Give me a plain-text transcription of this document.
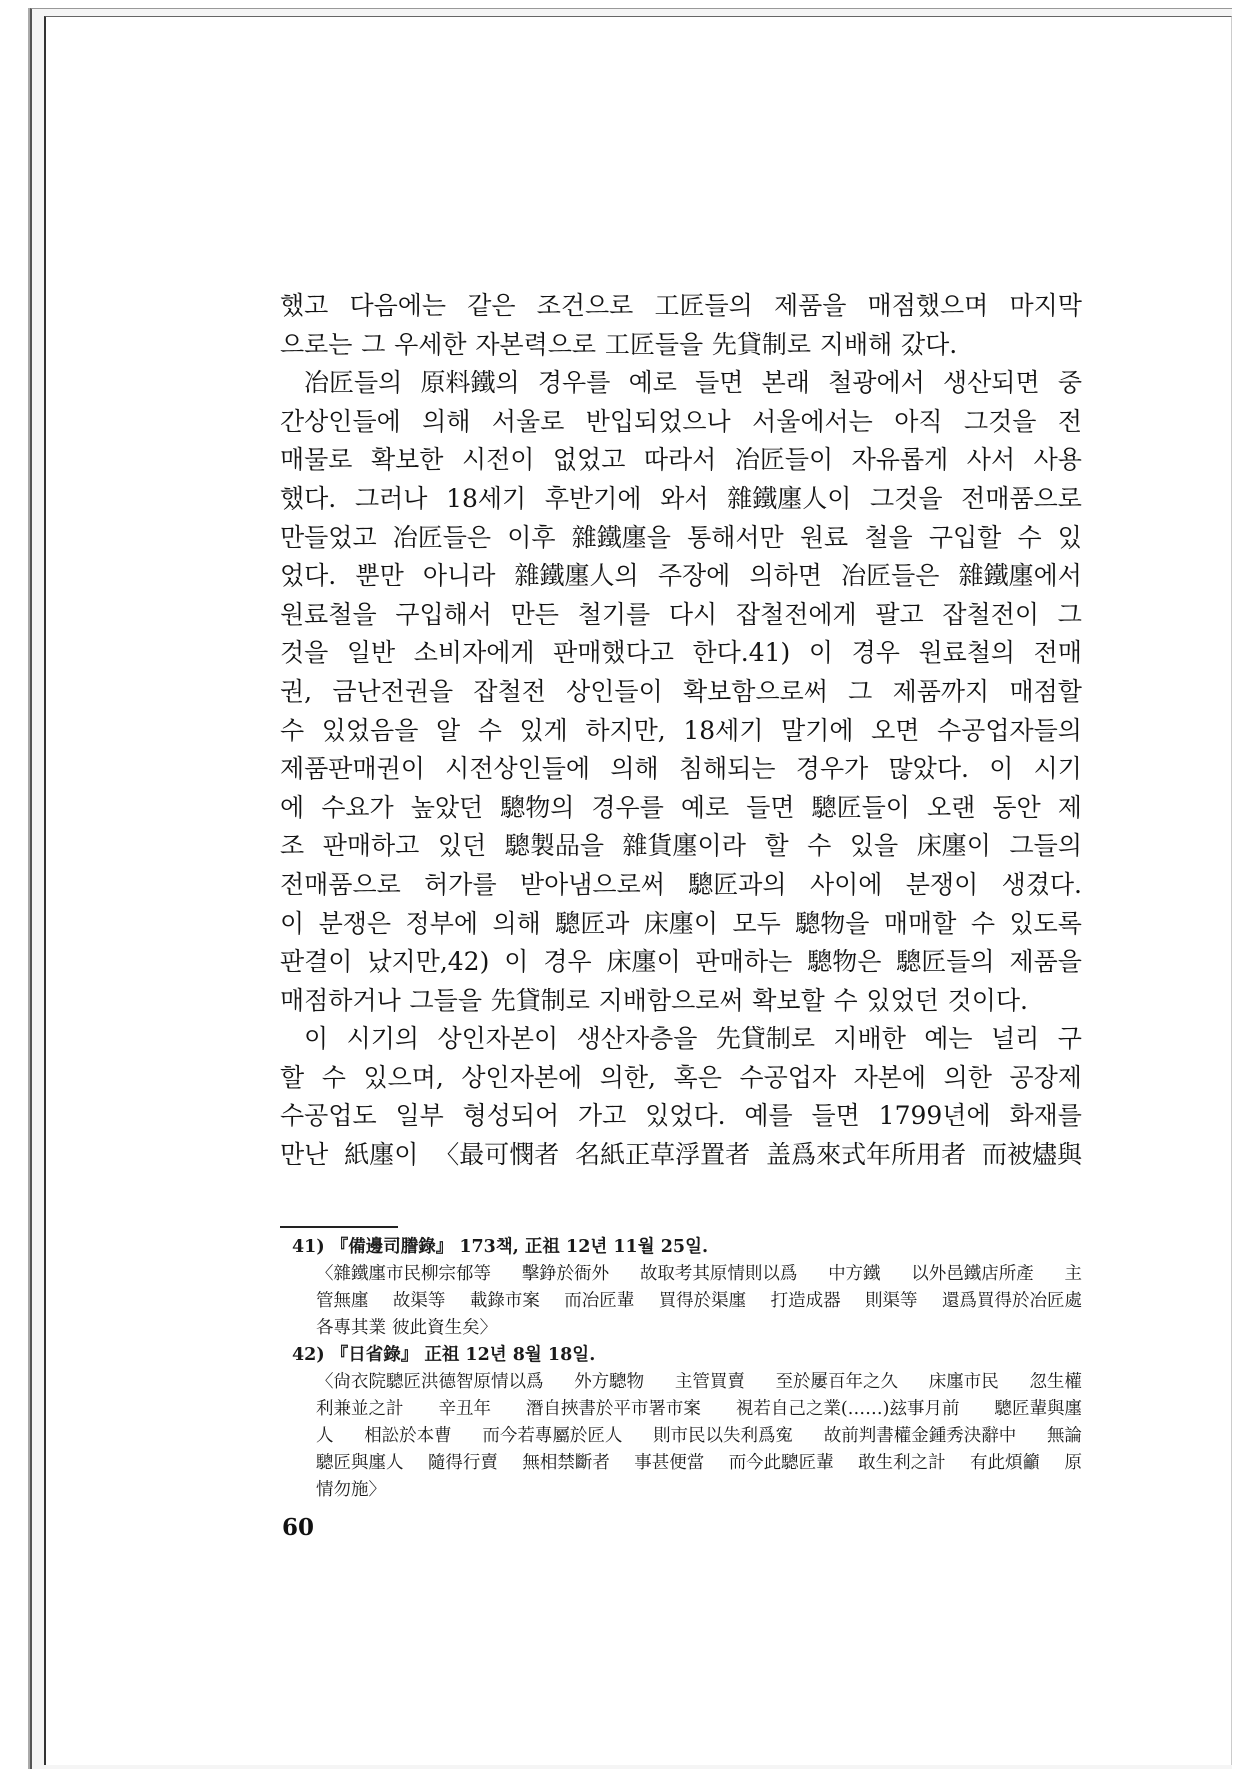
했고 다음에는 같은 조건으로 工匠들의 제품을 매점했으며 마지막
으로는 그 우세한 자본력으로 工匠들을 先貸制로 지배해 갔다.
冶匠들의 原料鐵의 경우를 예로 들면 본래 철광에서 생산되면 중
간상인들에 의해 서울로 반입되었으나 서울에서는 아직 그것을 전
매물로 확보한 시전이 없었고 따라서 冶匠들이 자유롭게 사서 사용
했다. 그러나 18세기 후반기에 와서 雜鐵廛人이 그것을 전매품으로
만들었고 冶匠들은 이후 雜鐵廛을 통해서만 원료 철을 구입할 수 있
었다. 뿐만 아니라 雜鐵廛人의 주장에 의하면 冶匠들은 雜鐵廛에서
원료철을 구입해서 만든 철기를 다시 잡철전에게 팔고 잡철전이 그
것을 일반 소비자에게 판매했다고 한다.41) 이 경우 원료철의 전매
권, 금난전권을 잡철전 상인들이 확보함으로써 그 제품까지 매점할
수 있었음을 알 수 있게 하지만, 18세기 말기에 오면 수공업자들의
제품판매권이 시전상인들에 의해 침해되는 경우가 많았다. 이 시기
에 수요가 높았던 驄物의 경우를 예로 들면 驄匠들이 오랜 동안 제
조 판매하고 있던 驄製品을 雜貨廛이라 할 수 있을 床廛이 그들의
전매품으로 허가를 받아냄으로써 驄匠과의 사이에 분쟁이 생겼다.
이 분쟁은 정부에 의해 驄匠과 床廛이 모두 驄物을 매매할 수 있도록
판결이 났지만,42) 이 경우 床廛이 판매하는 驄物은 驄匠들의 제품을
매점하거나 그들을 先貸制로 지배함으로써 확보할 수 있었던 것이다.
이 시기의 상인자본이 생산자층을 先貸制로 지배한 예는 널리 구
할 수 있으며, 상인자본에 의한, 혹은 수공업자 자본에 의한 공장제
수공업도 일부 형성되어 가고 있었다. 예를 들면 1799년에 화재를
만난 紙廛이 〈最可憫者 名紙正草浮置者 盖爲來式年所用者 而被燼與
41) 『備邊司謄錄』 173책, 正祖 12년 11월 25일.
〈雜鐵廛市民柳宗郁等 擊錚於衙外 故取考其原情則以爲 中方鐵 以外邑鐵店所產 主
管無廛 故渠等 載錄市案 而冶匠輩 買得於渠廛 打造成器 則渠等 還爲買得於冶匠處
各專其業 彼此資生矣〉
42) 『日省錄』 正祖 12년 8월 18일.
〈尙衣院驄匠洪德智原情以爲 外方驄物 主管買賣 至於屢百年之久 床廛市民 忽生權
利兼並之計 辛丑年 潛自挾書於平市署市案 視若自己之業(……)玆事月前 驄匠輩與廛
人 相訟於本曹 而今若專屬於匠人 則市民以失利爲寃 故前判書權金鍾秀決辭中 無論
驄匠與廛人 隨得行賣 無相禁斷者 事甚便當 而今此驄匠輩 敢生利之計 有此煩籲 原
情勿施〉
60
